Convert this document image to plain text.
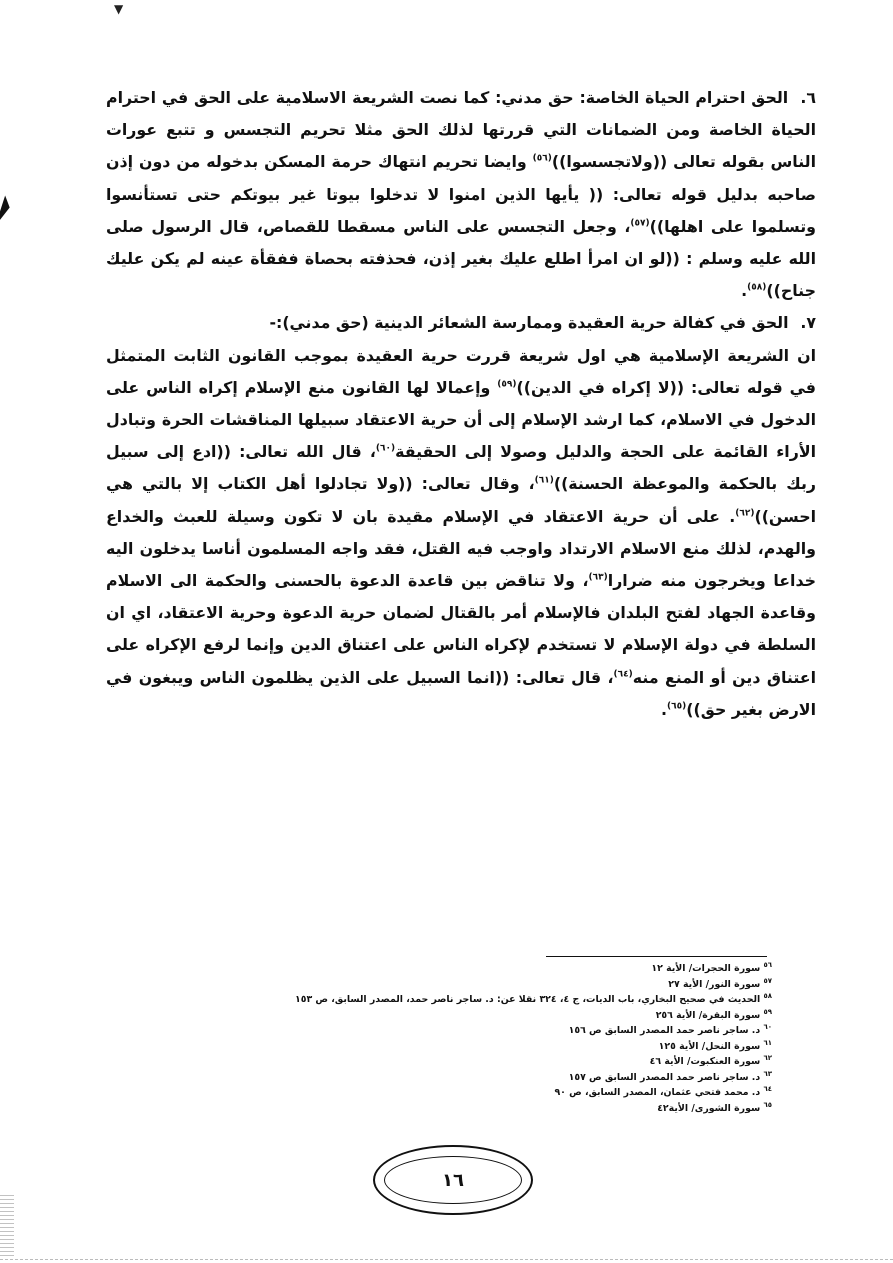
▼

٦. الحق احترام الحياة الخاصة: حق مدني: كما نصت الشريعة الاسلامية على الحق في احترام الحياة الخاصة ومن الضمانات التي قررتها لذلك الحق مثلا تحريم التجسس و تتبع عورات الناس بقوله تعالى ((ولاتجسسوا))$^{(٥٦)}$ وايضا تحريم انتهاك حرمة المسكن بدخوله من دون إذن صاحبه بدليل قوله تعالى: (( يأيها الذين امنوا لا تدخلوا بيوتا غير بيوتكم حتى تستأنسوا وتسلموا على اهلها))$^{(٥٧)}$، وجعل التجسس على الناس مسقطا للقصاص، قال الرسول صلى الله عليه وسلم : ((لو ان امرأ اطلع عليك بغير إذن، فحذفته بحصاة ففقأة عينه لم يكن عليك جناح))$^{(٥٨)}$.

٧. الحق في كفالة حرية العقيدة وممارسة الشعائر الدينية (حق مدني):-

ان الشريعة الإسلامية هي اول شريعة قررت حرية العقيدة بموجب القانون الثابت المتمثل في قوله تعالى: ((لا إكراه في الدين))$^{(٥٩)}$ وإعمالا لها القانون منع الإسلام إكراه الناس على الدخول في الاسلام، كما ارشد الإسلام إلى أن حرية الاعتقاد سبيلها المناقشات الحرة وتبادل الأراء القائمة على الحجة والدليل وصولا إلى الحقيقة$^{(٦٠)}$، قال الله تعالى: ((ادع إلى سبيل ربك بالحكمة والموعظة الحسنة))$^{(٦١)}$، وقال تعالى: ((ولا تجادلوا أهل الكتاب إلا بالتي هي احسن))$^{(٦٢)}$. على أن حرية الاعتقاد في الإسلام مقيدة بان لا تكون وسيلة للعبث والخداع والهدم، لذلك منع الاسلام الارتداد واوجب فيه القتل، فقد واجه المسلمون أناسا يدخلون اليه خداعا ويخرجون منه ضرارا$^{(٦٣)}$، ولا تناقض بين قاعدة الدعوة بالحسنى والحكمة الى الاسلام وقاعدة الجهاد لفتح البلدان فالإسلام أمر بالقتال لضمان حرية الدعوة وحرية الاعتقاد، اي ان السلطة في دولة الإسلام لا تستخدم لإكراه الناس على اعتناق الدين وإنما لرفع الإكراه على اعتناق دين أو المنع منه$^{(٦٤)}$، قال تعالى: ((انما السبيل على الذين يظلمون الناس ويبغون في الارض بغير حق))$^{(٦٥)}$.

$^{٥٦}$ سورة الحجرات/ الأية ١٢
$^{٥٧}$ سورة النور/ الأية ٢٧
$^{٥٨}$ الحديث في صحيح البخاري، باب الديات، ج ٤، ٣٢٤ نقلا عن: د. ساجر ناصر حمد، المصدر السابق، ص ١٥٣
$^{٥٩}$ سورة البقرة/ الأية ٢٥٦
$^{٦٠}$ د. ساجر ناصر حمد المصدر السابق ص ١٥٦
$^{٦١}$ سورة النحل/ الأية ١٢٥
$^{٦٢}$ سورة العنكبوت/ الأية ٤٦
$^{٦٣}$ د. ساجر ناصر حمد المصدر السابق ص ١٥٧
$^{٦٤}$ د. محمد فتحي عثمان، المصدر السابق، ص ٩٠
$^{٦٥}$ سورة الشورى/ الأية٤٢
١٦
